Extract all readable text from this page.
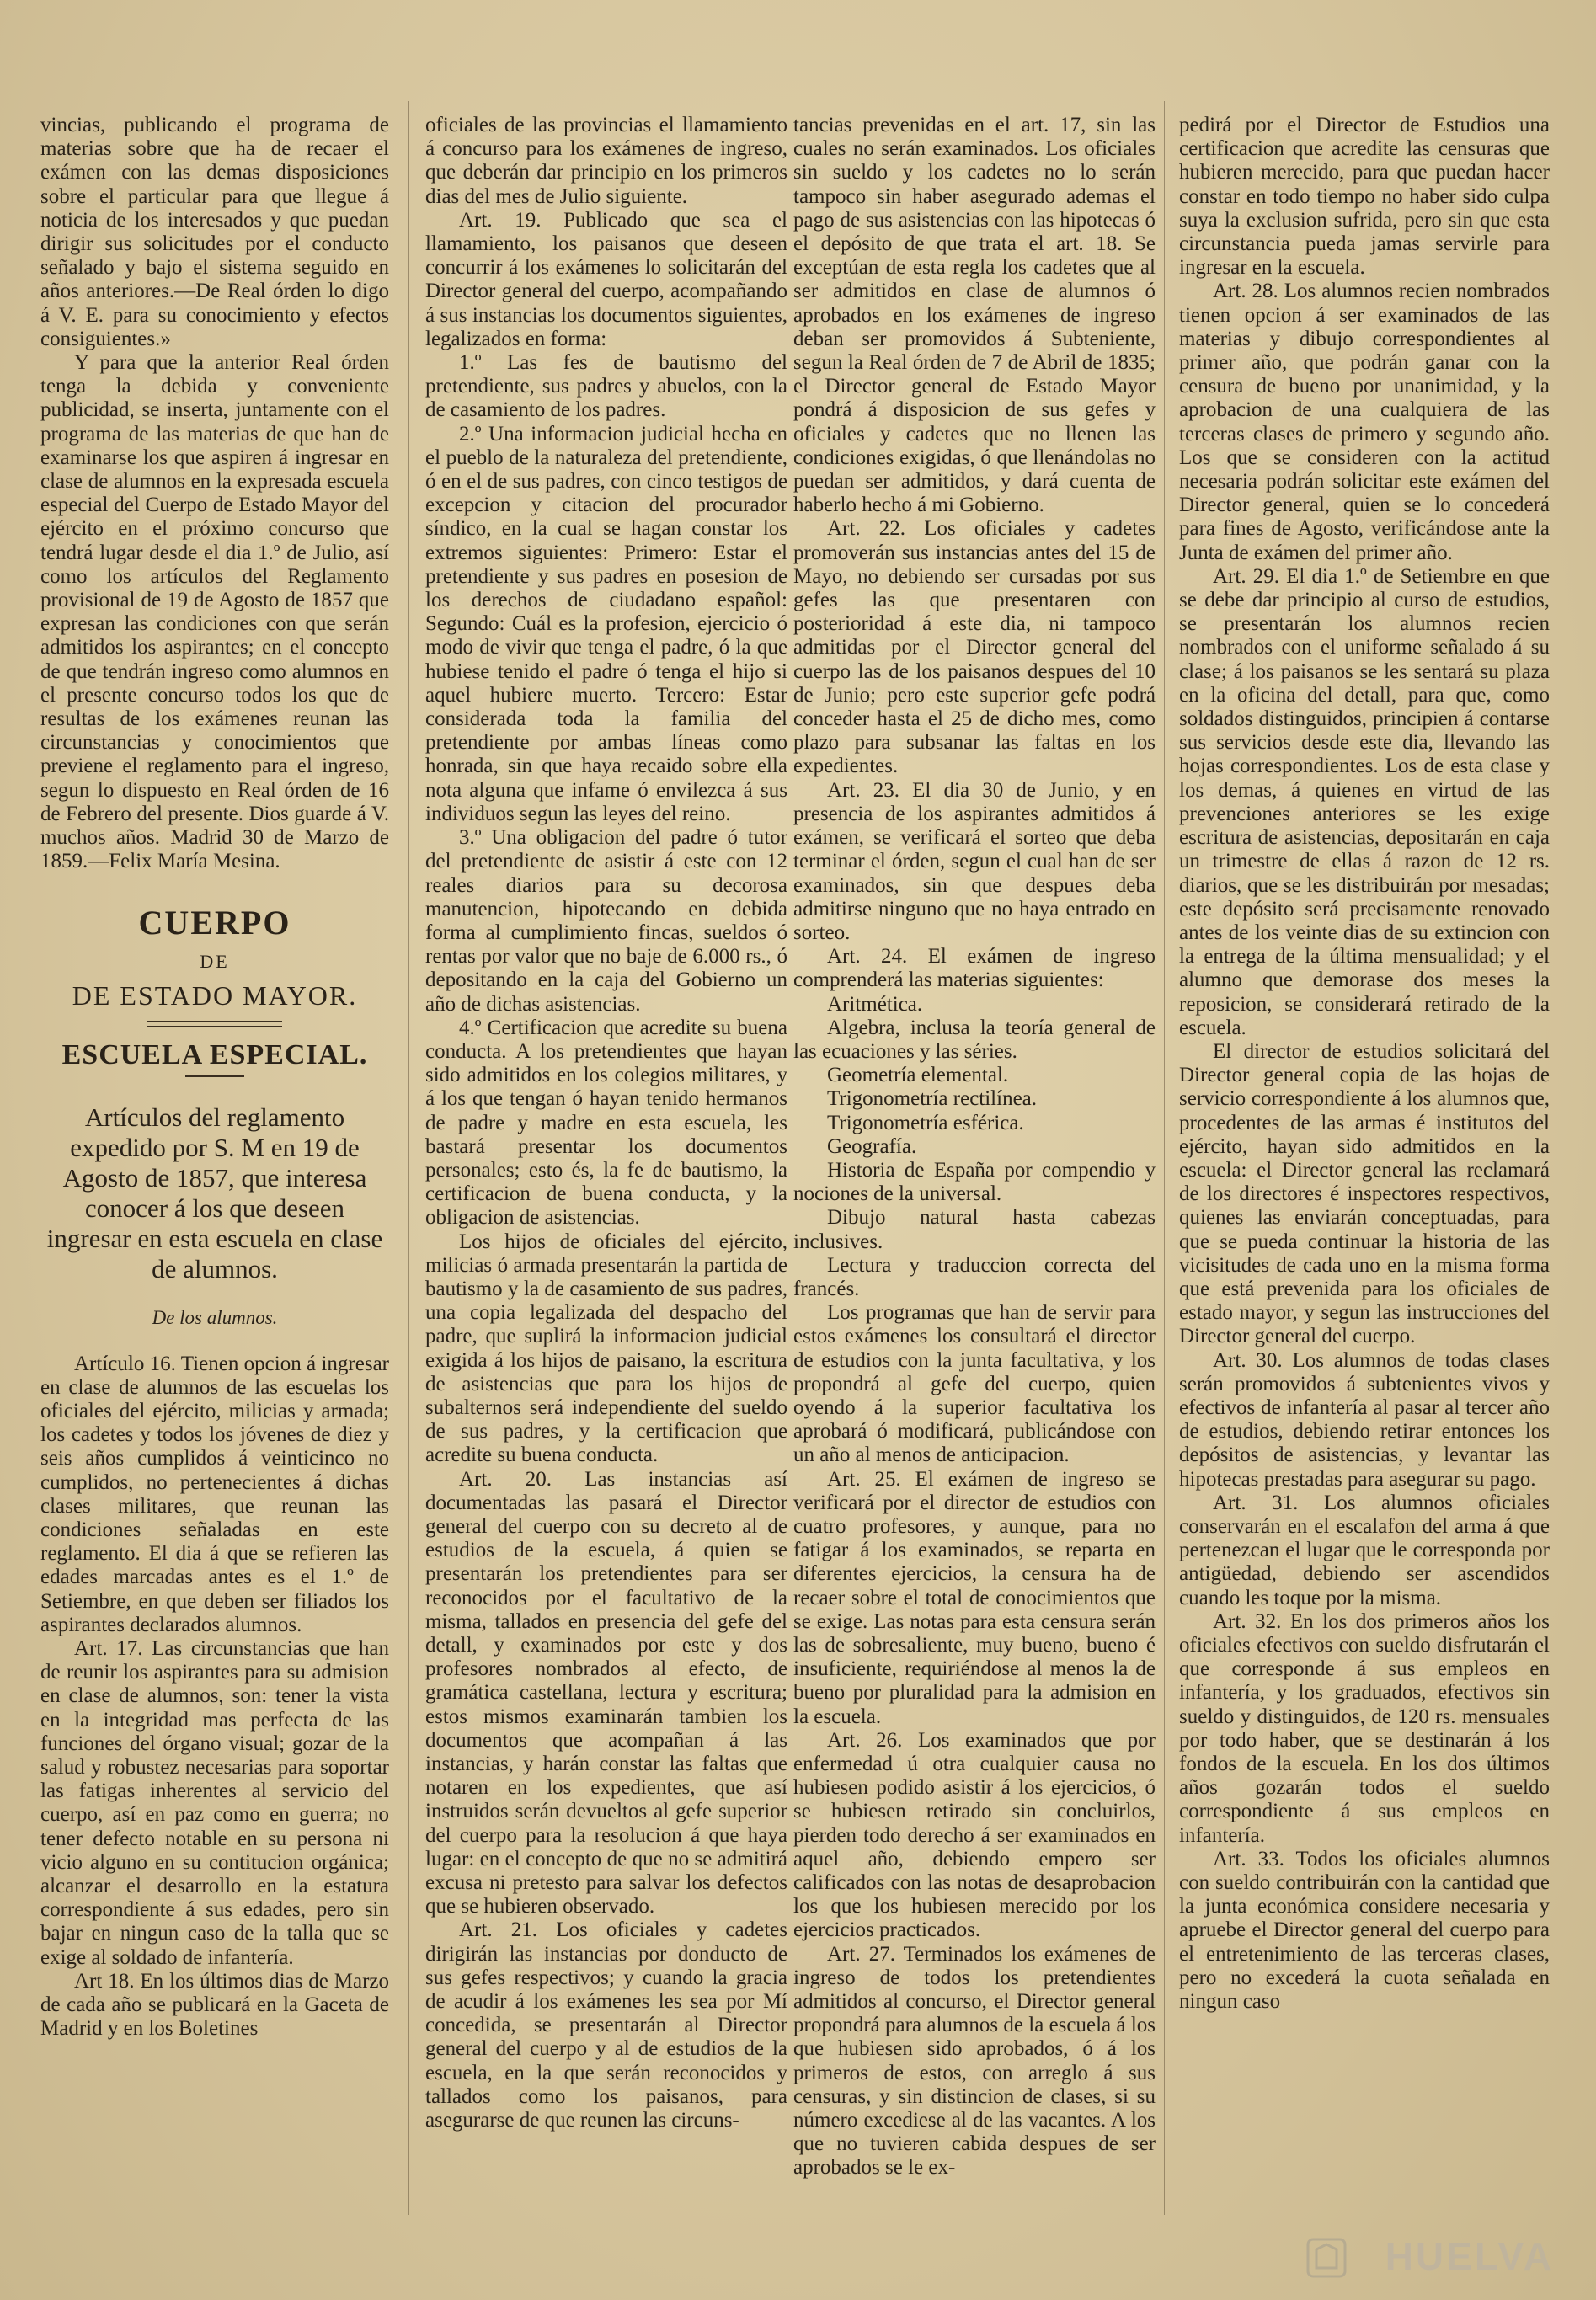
vincias, publicando el programa de materias sobre que ha de recaer el exámen con las demas disposiciones sobre el particular para que llegue á noticia de los interesados y que puedan dirigir sus solicitudes por el conducto señalado y bajo el sistema seguido en años anteriores.—De Real órden lo digo á V. E. para su conocimiento y efectos consiguientes.»

Y para que la anterior Real órden tenga la debida y conveniente publicidad, se inserta, juntamente con el programa de las materias de que han de examinarse los que aspiren á ingresar en clase de alumnos en la expresada escuela especial del Cuerpo de Estado Mayor del ejército en el próximo concurso que tendrá lugar desde el dia 1.º de Julio, así como los artículos del Reglamento provisional de 19 de Agosto de 1857 que expresan las condiciones con que serán admitidos los aspirantes; en el concepto de que tendrán ingreso como alumnos en el presente concurso todos los que de resultas de los exámenes reunan las circunstancias y conocimientos que previene el reglamento para el ingreso, segun lo dispuesto en Real órden de 16 de Febrero del presente. Dios guarde á V. muchos años. Madrid 30 de Marzo de 1859.—Felix María Mesina.

CUERPO
DE
DE ESTADO MAYOR.
ESCUELA ESPECIAL.
Artículos del reglamento expedido por S. M en 19 de Agosto de 1857, que interesa conocer á los que deseen ingresar en esta escuela en clase de alumnos.
De los alumnos.

Artículo 16. Tienen opcion á ingresar en clase de alumnos de las escuelas los oficiales del ejército, milicias y armada; los cadetes y todos los jóvenes de diez y seis años cumplidos á veinticinco no cumplidos, no pertenecientes á dichas clases militares, que reunan las condiciones señaladas en este reglamento. El dia á que se refieren las edades marcadas antes es el 1.º de Setiembre, en que deben ser filiados los aspirantes declarados alumnos.

Art. 17. Las circunstancias que han de reunir los aspirantes para su admision en clase de alumnos, son: tener la vista en la integridad mas perfecta de las funciones del órgano visual; gozar de la salud y robustez necesarias para soportar las fatigas inherentes al servicio del cuerpo, así en paz como en guerra; no tener defecto notable en su persona ni vicio alguno en su contitucion orgánica; alcanzar el desarrollo en la estatura correspondiente á sus edades, pero sin bajar en ningun caso de la talla que se exige al soldado de infantería.

Art 18. En los últimos dias de Marzo de cada año se publicará en la Gaceta de Madrid y en los Boletines

oficiales de las provincias el llamamiento á concurso para los exámenes de ingreso, que deberán dar principio en los primeros dias del mes de Julio siguiente.

Art. 19. Publicado que sea el llamamiento, los paisanos que deseen concurrir á los exámenes lo solicitarán del Director general del cuerpo, acompañando á sus instancias los documentos siguientes, legalizados en forma:

1.º Las fes de bautismo del pretendiente, sus padres y abuelos, con la de casamiento de los padres.

2.º Una informacion judicial hecha en el pueblo de la naturaleza del pretendiente, ó en el de sus padres, con cinco testigos de excepcion y citacion del procurador síndico, en la cual se hagan constar los extremos siguientes: Primero: Estar el pretendiente y sus padres en posesion de los derechos de ciudadano español: Segundo: Cuál es la profesion, ejercicio ó modo de vivir que tenga el padre, ó la que hubiese tenido el padre ó tenga el hijo si aquel hubiere muerto. Tercero: Estar considerada toda la familia del pretendiente por ambas líneas como honrada, sin que haya recaido sobre ella nota alguna que infame ó envilezca á sus individuos segun las leyes del reino.

3.º Una obligacion del padre ó tutor del pretendiente de asistir á este con 12 reales diarios para su decorosa manutencion, hipotecando en debida forma al cumplimiento fincas, sueldos ó rentas por valor que no baje de 6.000 rs., ó depositando en la caja del Gobierno un año de dichas asistencias.

4.º Certificacion que acredite su buena conducta. A los pretendientes que hayan sido admitidos en los colegios militares, y á los que tengan ó hayan tenido hermanos de padre y madre en esta escuela, les bastará presentar los documentos personales; esto és, la fe de bautismo, la certificacion de buena conducta, y la obligacion de asistencias.

Los hijos de oficiales del ejército, milicias ó armada presentarán la partida de bautismo y la de casamiento de sus padres, una copia legalizada del despacho del padre, que suplirá la informacion judicial exigida á los hijos de paisano, la escritura de asistencias que para los hijos de subalternos será independiente del sueldo de sus padres, y la certificacion que acredite su buena conducta.

Art. 20. Las instancias así documentadas las pasará el Director general del cuerpo con su decreto al de estudios de la escuela, á quien se presentarán los pretendientes para ser reconocidos por el facultativo de la misma, tallados en presencia del gefe del detall, y examinados por este y dos profesores nombrados al efecto, de gramática castellana, lectura y escritura; estos mismos examinarán tambien los documentos que acompañan á las instancias, y harán constar las faltas que notaren en los expedientes, que así instruidos serán devueltos al gefe superior del cuerpo para la resolucion á que haya lugar: en el concepto de que no se admitirá excusa ni pretesto para salvar los defectos que se hubieren observado.

Art. 21. Los oficiales y cadetes dirigirán las instancias por donducto de sus gefes respectivos; y cuando la gracia de acudir á los exámenes les sea por Mí concedida, se presentarán al Director general del cuerpo y al de estudios de la escuela, en la que serán reconocidos y tallados como los paisanos, para asegurarse de que reunen las circuns-

tancias prevenidas en el art. 17, sin las cuales no serán examinados. Los oficiales sin sueldo y los cadetes no lo serán tampoco sin haber asegurado ademas el pago de sus asistencias con las hipotecas ó el depósito de que trata el art. 18. Se exceptúan de esta regla los cadetes que al ser admitidos en clase de alumnos ó aprobados en los exámenes de ingreso deban ser promovidos á Subteniente, segun la Real órden de 7 de Abril de 1835; el Director general de Estado Mayor pondrá á disposicion de sus gefes y oficiales y cadetes que no llenen las condiciones exigidas, ó que llenándolas no puedan ser admitidos, y dará cuenta de haberlo hecho á mi Gobierno.

Art. 22. Los oficiales y cadetes promoverán sus instancias antes del 15 de Mayo, no debiendo ser cursadas por sus gefes las que presentaren con posterioridad á este dia, ni tampoco admitidas por el Director general del cuerpo las de los paisanos despues del 10 de Junio; pero este superior gefe podrá conceder hasta el 25 de dicho mes, como plazo para subsanar las faltas en los expedientes.

Art. 23. El dia 30 de Junio, y en presencia de los aspirantes admitidos á exámen, se verificará el sorteo que deba terminar el órden, segun el cual han de ser examinados, sin que despues deba admitirse ninguno que no haya entrado en sorteo.

Art. 24. El exámen de ingreso comprenderá las materias siguientes:

Aritmética.

Algebra, inclusa la teoría general de las ecuaciones y las séries.

Geometría elemental.

Trigonometría rectilínea.

Trigonometría esférica.

Geografía.

Historia de España por compendio y nociones de la universal.

Dibujo natural hasta cabezas inclusives.

Lectura y traduccion correcta del francés.

Los programas que han de servir para estos exámenes los consultará el director de estudios con la junta facultativa, y los propondrá al gefe del cuerpo, quien oyendo á la superior facultativa los aprobará ó modificará, publicándose con un año al menos de anticipacion.

Art. 25. El exámen de ingreso se verificará por el director de estudios con cuatro profesores, y aunque, para no fatigar á los examinados, se reparta en diferentes ejercicios, la censura ha de recaer sobre el total de conocimientos que se exige. Las notas para esta censura serán las de sobresaliente, muy bueno, bueno é insuficiente, requiriéndose al menos la de bueno por pluralidad para la admision en la escuela.

Art. 26. Los examinados que por enfermedad ú otra cualquier causa no hubiesen podido asistir á los ejercicios, ó se hubiesen retirado sin concluirlos, pierden todo derecho á ser examinados en aquel año, debiendo empero ser calificados con las notas de desaprobacion los que los hubiesen merecido por los ejercicios practicados.

Art. 27. Terminados los exámenes de ingreso de todos los pretendientes admitidos al concurso, el Director general propondrá para alumnos de la escuela á los que hubiesen sido aprobados, ó á los primeros de estos, con arreglo á sus censuras, y sin distincion de clases, si su número excediese al de las vacantes. A los que no tuvieren cabida despues de ser aprobados se le ex-

pedirá por el Director de Estudios una certificacion que acredite las censuras que hubieren merecido, para que puedan hacer constar en todo tiempo no haber sido culpa suya la exclusion sufrida, pero sin que esta circunstancia pueda jamas servirle para ingresar en la escuela.

Art. 28. Los alumnos recien nombrados tienen opcion á ser examinados de las materias y dibujo correspondientes al primer año, que podrán ganar con la censura de bueno por unanimidad, y la aprobacion de una cualquiera de las terceras clases de primero y segundo año. Los que se consideren con la actitud necesaria podrán solicitar este exámen del Director general, quien se lo concederá para fines de Agosto, verificándose ante la Junta de exámen del primer año.

Art. 29. El dia 1.º de Setiembre en que se debe dar principio al curso de estudios, se presentarán los alumnos recien nombrados con el uniforme señalado á su clase; á los paisanos se les sentará su plaza en la oficina del detall, para que, como soldados distinguidos, principien á contarse sus servicios desde este dia, llevando las hojas correspondientes. Los de esta clase y los demas, á quienes en virtud de las prevenciones anteriores se les exige escritura de asistencias, depositarán en caja un trimestre de ellas á razon de 12 rs. diarios, que se les distribuirán por mesadas; este depósito será precisamente renovado antes de los veinte dias de su extincion con la entrega de la última mensualidad; y el alumno que demorase dos meses la reposicion, se considerará retirado de la escuela.

El director de estudios solicitará del Director general copia de las hojas de servicio correspondiente á los alumnos que, procedentes de las armas é institutos del ejército, hayan sido admitidos en la escuela: el Director general las reclamará de los directores é inspectores respectivos, quienes las enviarán conceptuadas, para que se pueda continuar la historia de las vicisitudes de cada uno en la misma forma que está prevenida para los oficiales de estado mayor, y segun las instrucciones del Director general del cuerpo.

Art. 30. Los alumnos de todas clases serán promovidos á subtenientes vivos y efectivos de infantería al pasar al tercer año de estudios, debiendo retirar entonces los depósitos de asistencias, y levantar las hipotecas prestadas para asegurar su pago.

Art. 31. Los alumnos oficiales conservarán en el escalafon del arma á que pertenezcan el lugar que le corresponda por antigüedad, debiendo ser ascendidos cuando les toque por la misma.

Art. 32. En los dos primeros años los oficiales efectivos con sueldo disfrutarán el que corresponde á sus empleos en infantería, y los graduados, efectivos sin sueldo y distinguidos, de 120 rs. mensuales por todo haber, que se destinarán á los fondos de la escuela. En los dos últimos años gozarán todos el sueldo correspondiente á sus empleos en infantería.

Art. 33. Todos los oficiales alumnos con sueldo contribuirán con la cantidad que la junta económica considere necesaria y apruebe el Director general del cuerpo para el entretenimiento de las terceras clases, pero no excederá la cuota señalada en ningun caso

HUELVA
